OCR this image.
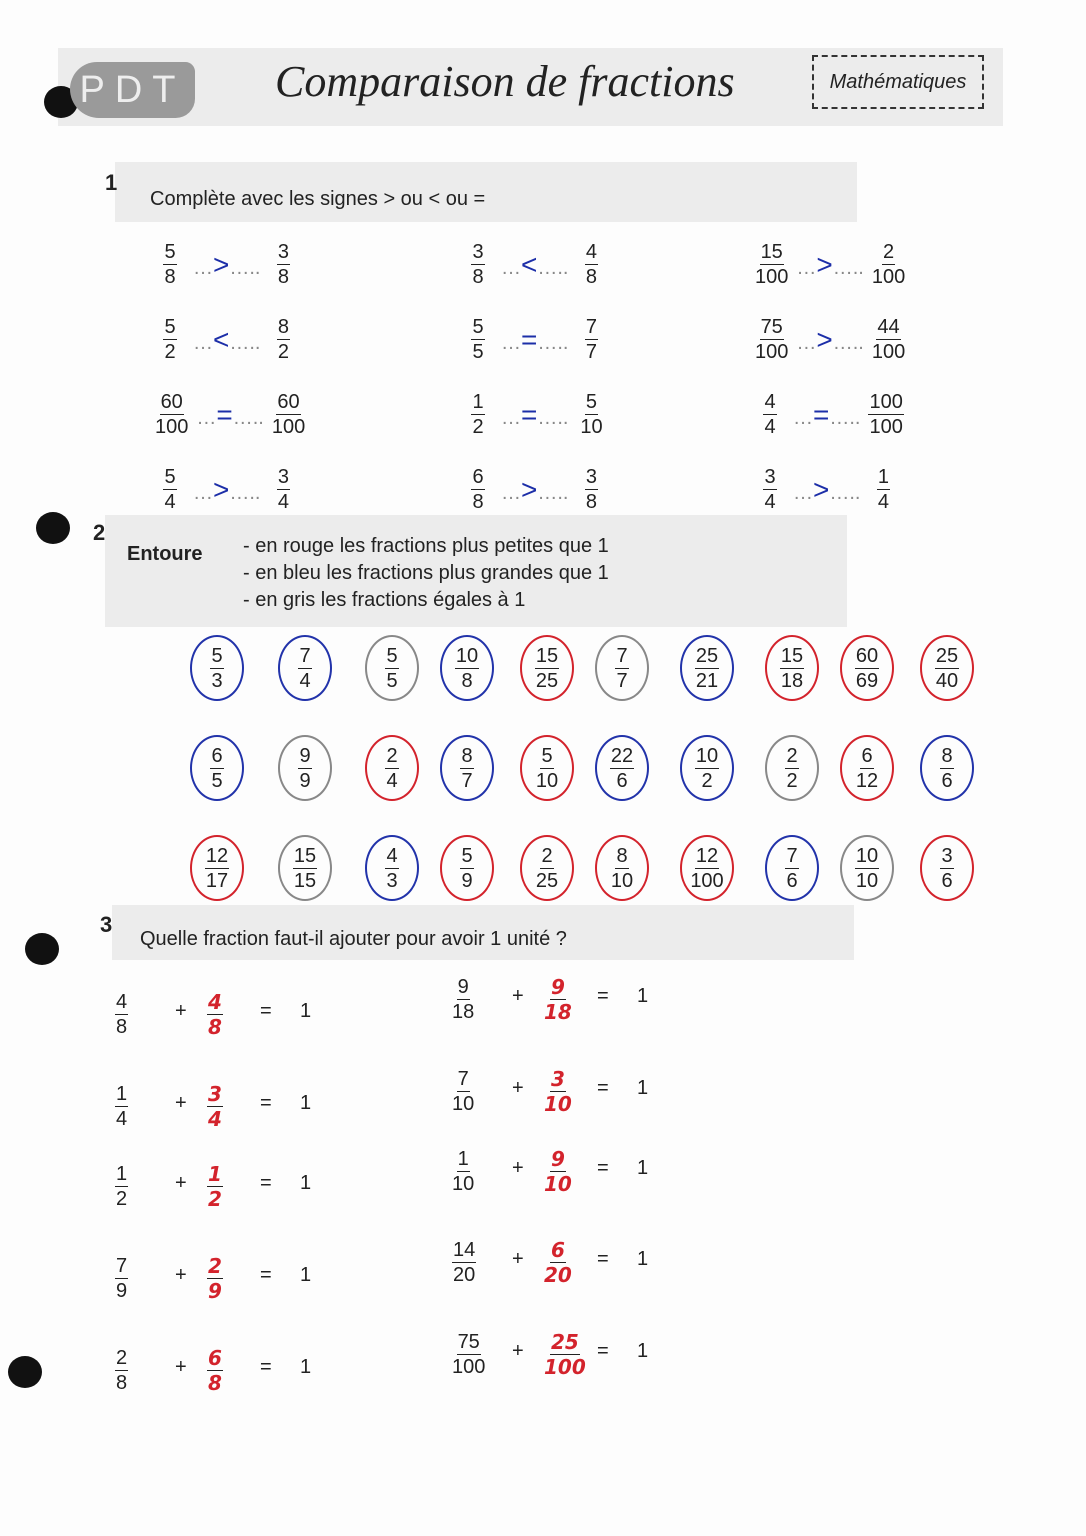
PDT Comparaison de fractions	Mathématiques
1
Complète avec les signes > ou < ou =
$\frac{5}{8}$ …>….. $\frac{3}{8}$	$\frac{3}{8}$ …<….. $\frac{4}{8}$	$\frac{15}{100}$ …>….. $\frac{2}{100}$
$\frac{5}{2}$ …<….. $\frac{8}{2}$	$\frac{5}{5}$ …=….. $\frac{7}{7}$	$\frac{75}{100}$ …>….. $\frac{44}{100}$
$\frac{60}{100}$ …=….. $\frac{60}{100}$	$\frac{1}{2}$ …=….. $\frac{5}{10}$	$\frac{4}{4}$ …=….. $\frac{100}{100}$
$\frac{5}{4}$ …>….. $\frac{3}{4}$	$\frac{6}{8}$ …>….. $\frac{3}{8}$	$\frac{3}{4}$ …>….. $\frac{1}{4}$
2
Entoure - en rouge les fractions plus petites que 1
- en bleu les fractions plus grandes que 1
- en gris les fractions égales à 1
$\frac{5}{3}$	$\frac{7}{4}$	$\frac{5}{5}$	$\frac{10}{8}$	$\frac{15}{25}$	$\frac{7}{7}$	$\frac{25}{21}$	$\frac{15}{18}$	$\frac{60}{69}$	$\frac{25}{40}$
$\frac{6}{5}$	$\frac{9}{9}$	$\frac{2}{4}$	$\frac{8}{7}$	$\frac{5}{10}$	$\frac{22}{6}$	$\frac{10}{2}$	$\frac{2}{2}$	$\frac{6}{12}$	$\frac{8}{6}$
$\frac{12}{17}$	$\frac{15}{15}$	$\frac{4}{3}$	$\frac{5}{9}$	$\frac{2}{25}$	$\frac{8}{10}$	$\frac{12}{100}$	$\frac{7}{6}$	$\frac{10}{10}$	$\frac{3}{6}$
3
Quelle fraction faut-il ajouter pour avoir 1 unité ?
$\frac{4}{8} + \frac{4}{8} = 1$
$\frac{1}{4} + \frac{3}{4} = 1$
$\frac{1}{2} + \frac{1}{2} = 1$
$\frac{7}{9} + \frac{2}{9} = 1$
$\frac{2}{8} + \frac{6}{8} = 1$
$\frac{9}{18} + \frac{9}{18} = 1$
$\frac{7}{10} + \frac{3}{10} = 1$
$\frac{1}{10} + \frac{9}{10} = 1$
$\frac{14}{20} + \frac{6}{20} = 1$
$\frac{75}{100} + \frac{25}{100} = 1$
